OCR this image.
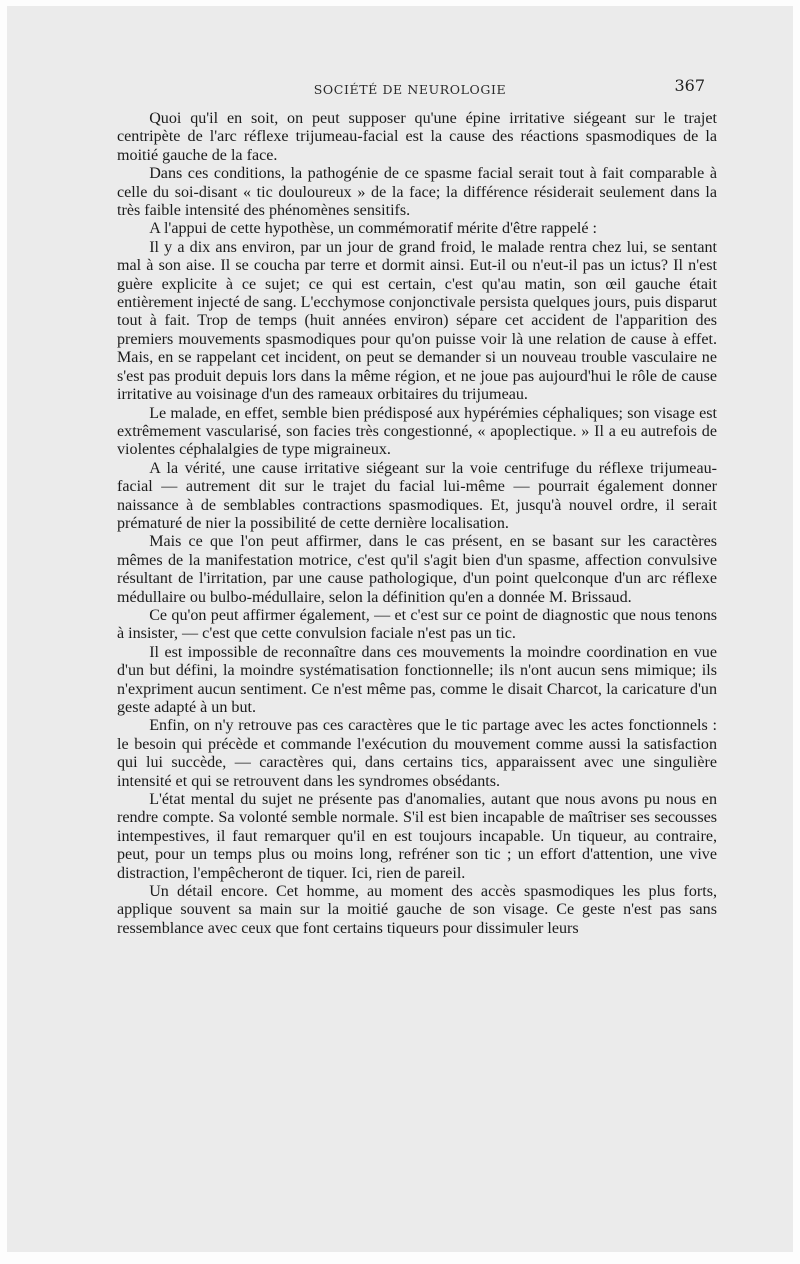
SOCIÉTÉ DE NEUROLOGIE	367

Quoi qu'il en soit, on peut supposer qu'une épine irritative siégeant sur le trajet centripète de l'arc réflexe trijumeau-facial est la cause des réactions spasmodiques de la moitié gauche de la face.

Dans ces conditions, la pathogénie de ce spasme facial serait tout à fait comparable à celle du soi-disant « tic douloureux » de la face; la différence résiderait seulement dans la très faible intensité des phénomènes sensitifs.

A l'appui de cette hypothèse, un commémoratif mérite d'être rappelé :

Il y a dix ans environ, par un jour de grand froid, le malade rentra chez lui, se sentant mal à son aise. Il se coucha par terre et dormit ainsi. Eut-il ou n'eut-il pas un ictus? Il n'est guère explicite à ce sujet; ce qui est certain, c'est qu'au matin, son œil gauche était entièrement injecté de sang. L'ecchymose conjonctivale persista quelques jours, puis disparut tout à fait. Trop de temps (huit années environ) sépare cet accident de l'apparition des premiers mouvements spasmodiques pour qu'on puisse voir là une relation de cause à effet. Mais, en se rappelant cet incident, on peut se demander si un nouveau trouble vasculaire ne s'est pas produit depuis lors dans la même région, et ne joue pas aujourd'hui le rôle de cause irritative au voisinage d'un des rameaux orbitaires du trijumeau.

Le malade, en effet, semble bien prédisposé aux hypérémies céphaliques; son visage est extrêmement vascularisé, son facies très congestionné, « apoplectique. » Il a eu autrefois de violentes céphalalgies de type migraineux.

A la vérité, une cause irritative siégeant sur la voie centrifuge du réflexe trijumeau-facial — autrement dit sur le trajet du facial lui-même — pourrait également donner naissance à de semblables contractions spasmodiques. Et, jusqu'à nouvel ordre, il serait prématuré de nier la possibilité de cette dernière localisation.

Mais ce que l'on peut affirmer, dans le cas présent, en se basant sur les caractères mêmes de la manifestation motrice, c'est qu'il s'agit bien d'un spasme, affection convulsive résultant de l'irritation, par une cause pathologique, d'un point quelconque d'un arc réflexe médullaire ou bulbo-médullaire, selon la définition qu'en a donnée M. Brissaud.

Ce qu'on peut affirmer également, — et c'est sur ce point de diagnostic que nous tenons à insister, — c'est que cette convulsion faciale n'est pas un tic.

Il est impossible de reconnaître dans ces mouvements la moindre coordination en vue d'un but défini, la moindre systématisation fonctionnelle; ils n'ont aucun sens mimique; ils n'expriment aucun sentiment. Ce n'est même pas, comme le disait Charcot, la caricature d'un geste adapté à un but.

Enfin, on n'y retrouve pas ces caractères que le tic partage avec les actes fonctionnels : le besoin qui précède et commande l'exécution du mouvement comme aussi la satisfaction qui lui succède, — caractères qui, dans certains tics, apparaissent avec une singulière intensité et qui se retrouvent dans les syndromes obsédants.

L'état mental du sujet ne présente pas d'anomalies, autant que nous avons pu nous en rendre compte. Sa volonté semble normale. S'il est bien incapable de maîtriser ses secousses intempestives, il faut remarquer qu'il en est toujours incapable. Un tiqueur, au contraire, peut, pour un temps plus ou moins long, refréner son tic ; un effort d'attention, une vive distraction, l'empêcheront de tiquer. Ici, rien de pareil.

Un détail encore. Cet homme, au moment des accès spasmodiques les plus forts, applique souvent sa main sur la moitié gauche de son visage. Ce geste n'est pas sans ressemblance avec ceux que font certains tiqueurs pour dissimuler leurs
